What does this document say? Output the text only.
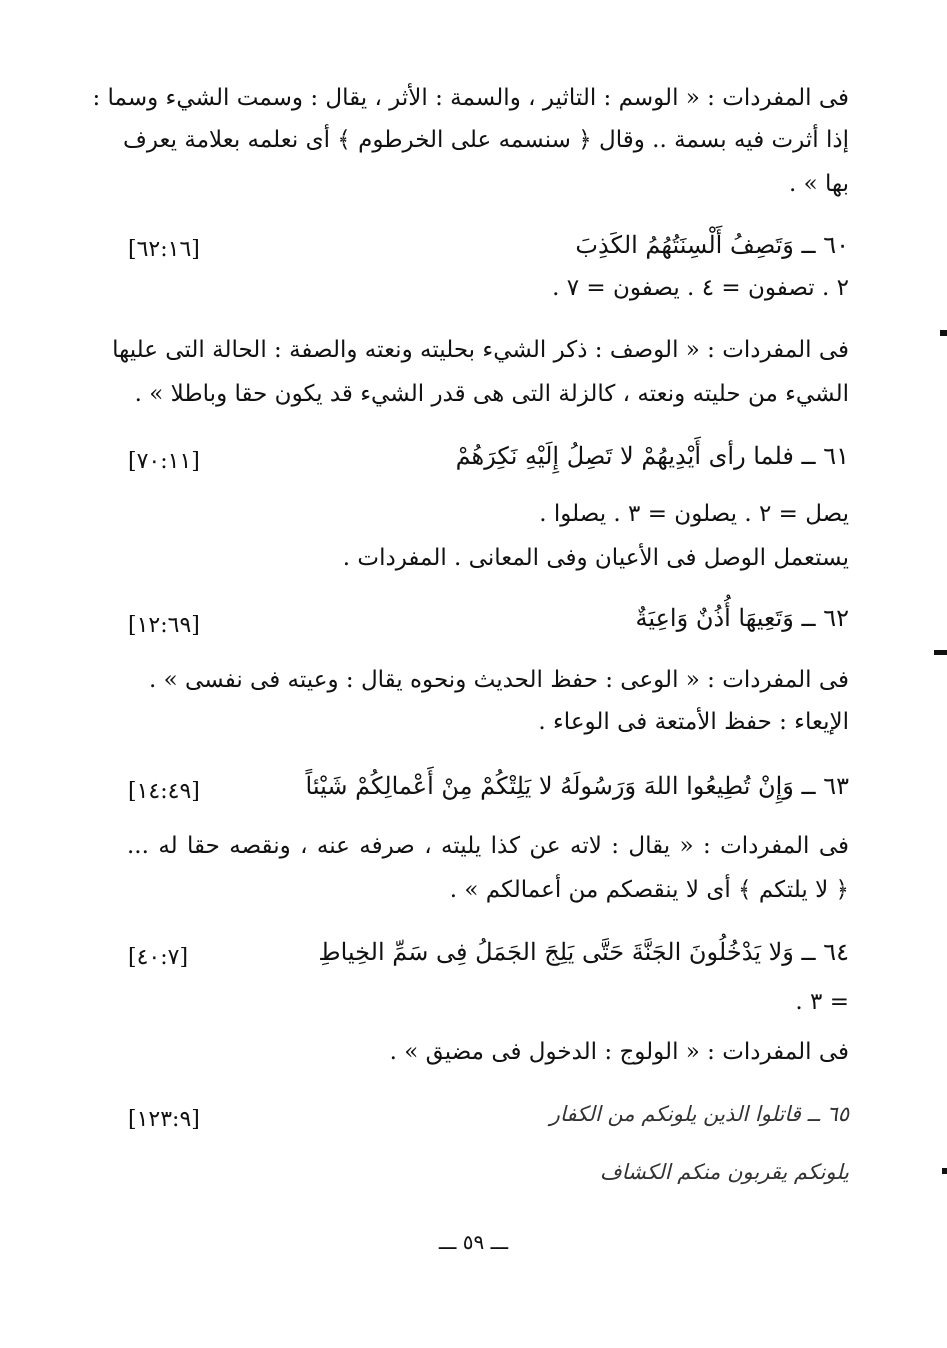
فى المفردات : « الوسم : التاثير ، والسمة : الأثر ، يقال : وسمت الشيء وسما :
إذا أثرت فيه بسمة .. وقال ﴿ سنسمه على الخرطوم ﴾ أى نعلمه بعلامة يعرف
بها » .
٦٠ ــ وَتَصِفُ أَلْسِنَتُهُمُ الكَذِبَ
[٦٢:١٦]
٢ . تصفون = ٤ . يصفون = ٧ .
فى المفردات : « الوصف : ذكر الشيء بحليته ونعته والصفة : الحالة التى عليها
الشيء من حليته ونعته ، كالزلة التى هى قدر الشيء قد يكون حقا وباطلا » .
٦١ ــ فلما رأى أَيْدِيهُمْ لا تَصِلُ إِلَيْهِ نَكِرَهُمْ
[٧٠:١١]
يصل = ٢ . يصلون = ٣ . يصلوا .
يستعمل الوصل فى الأعيان وفى المعانى . المفردات .
٦٢ ــ وَتَعِيهَا أُذُنٌ وَاعِيَةٌ
[١٢:٦٩]
فى المفردات : « الوعى : حفظ الحديث ونحوه يقال : وعيته فى نفسى » .
الإيعاء : حفظ الأمتعة فى الوعاء .
٦٣ ــ وَإِنْ تُطِيعُوا اللهَ وَرَسُولَهُ لا يَلِتْكُمْ مِنْ أَعْمالِكُمْ شَيْئاً
[١٤:٤٩]
فى المفردات : « يقال : لاته عن كذا يليته ، صرفه عنه ، ونقصه حقا له ...
﴿ لا يلتكم ﴾ أى لا ينقصكم من أعمالكم » .
٦٤ ــ وَلا يَدْخُلُونَ الجَنَّةَ حَتَّى يَلِجَ الجَمَلُ فِى سَمِّ الخِياطِ
[٤٠:٧]
= ٣ .
فى المفردات : « الولوج : الدخول فى مضيق » .
٦٥ ــ قاتلوا الذين يلونكم من الكفار
[١٢٣:٩]
يلونكم يقربون منكم الكشاف
ـــ ٥٩ ـــ
